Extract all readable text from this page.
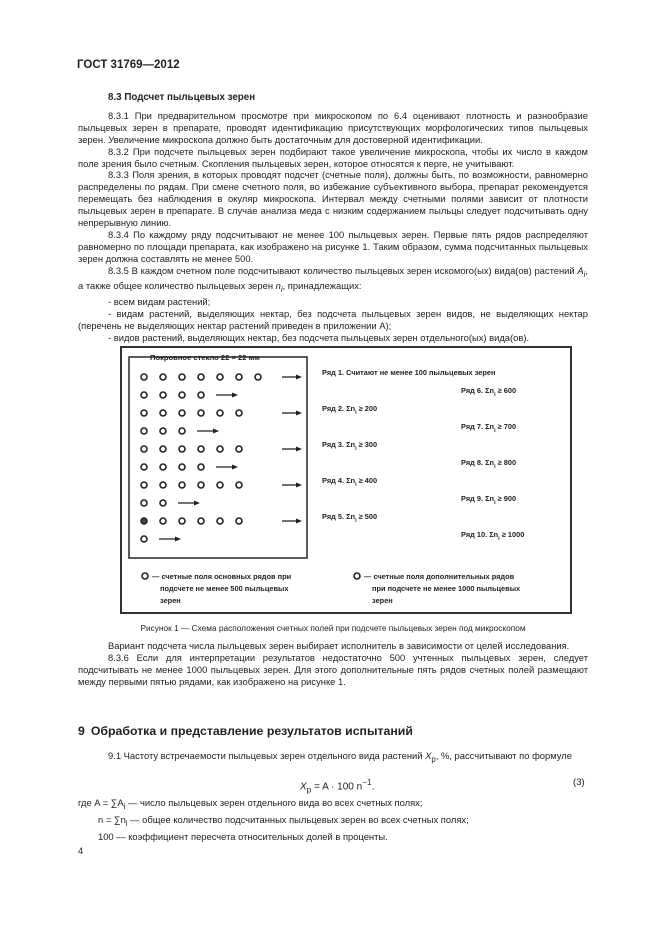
ГОСТ 31769—2012

8.3 Подсчет пыльцевых зерен

8.3.1 При предварительном просмотре при микроскопом по 6.4 оценивают плотность и разнообразие пыльцевых зерен в препарате, проводят идентификацию присутствующих морфологических типов пыльцевых зерен. Увеличение микроскопа должно быть достаточным для достоверной идентификации.

8.3.2 При подсчете пыльцевых зерен подбирают такое увеличение микроскопа, чтобы их число в каждом поле зрения было счетным. Скопления пыльцевых зерен, которое относятся к перге, не учитывают.

8.3.3 Поля зрения, в которых проводят подсчет (счетные поля), должны быть, по возможности, равномерно распределены по рядам. При смене счетного поля, во избежание субъективного выбора, препарат рекомендуется перемещать без наблюдения в окуляр микроскопа. Интервал между счетными полями зависит от плотности пыльцевых зерен в препарате. В случае анализа меда с низким содержанием пыльцы следует подсчитывать одну непрерывную линию.

8.3.4 По каждому ряду подсчитывают не менее 100 пыльцевых зерен. Первые пять рядов распределяют равномерно по площади препарата, как изображено на рисунке 1. Таким образом, сумма подсчитанных пыльцевых зерен должна составлять не менее 500.

8.3.5 В каждом счетном поле подсчитывают количество пыльцевых зерен искомого(ых) вида(ов) растений $A_i$, а также общее количество пыльцевых зерен $n_i$, принадлежащих:

- всем видам растений;

- видам растений, выделяющих нектар, без подсчета пыльцевых зерен видов, не выделяющих нектар (перечень не выделяющих нектар растений приведен в приложении А);

- видов растений, выделяющих нектар, без подсчета пыльцевых зерен отдельного(ых) вида(ов).

Покровное стекло 22 × 22 мм
Ряд 1. Считают не менее 100 пыльцевых зерен
Ряд 6. $\Sigma n_i \ge 600$
Ряд 2. $\Sigma n_i \ge 200$
Ряд 7. $\Sigma n_i \ge 700$
Ряд 3. $\Sigma n_i \ge 300$
Ряд 8. $\Sigma n_i \ge 800$
Ряд 4. $\Sigma n_i \ge 400$
Ряд 9. $\Sigma n_i \ge 900$
Ряд 5. $\Sigma n_i \ge 500$
Ряд 10. $\Sigma n_i \ge 1000$
— счетные поля основных рядов при
подсчете не менее 500 пыльцевых
зерен
— счетные поля дополнительных рядов
при подсчете не менее 1000 пыльцевых
зерен
Рисунок 1 — Схема расположения счетных полей при подсчете пыльцевых зерен под микроскопом

Вариант подсчета числа пыльцевых зерен выбирает исполнитель в зависимости от целей исследования.

8.3.6 Если для интерпретации результатов недостаточно 500 учтенных пыльцевых зерен, следует подсчитывать не менее 1000 пыльцевых зерен. Для этого дополнительные пять рядов счетных полей размещают между первыми пятью рядами, как изображено на рисунке 1.

9 Обработка и представление результатов испытаний

9.1 Частоту встречаемости пыльцевых зерен отдельного вида растений $X_p$, %, рассчитывают по формуле

$X_p = A \cdot 100$ $n^{-1}$.	(3)

где $A = \sum A_i$ — число пыльцевых зерен отдельного вида во всех счетных полях;

$n = \sum n_i$ — общее количество подсчитанных пыльцевых зерен во всех счетных полях;

100 — коэффициент пересчета относительных долей в проценты.

4
